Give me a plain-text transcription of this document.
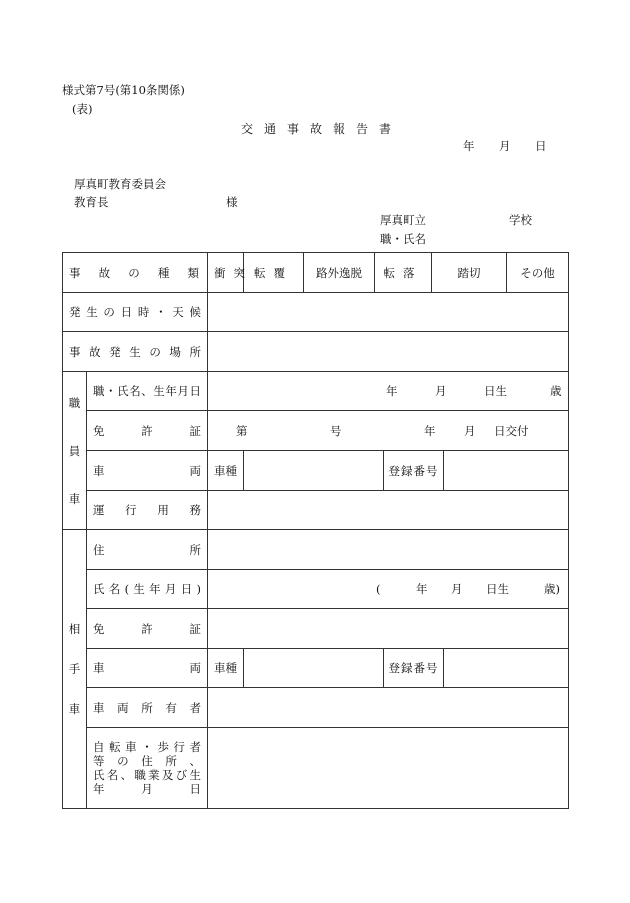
様式第7号(第10条関係)
(表)
交通事故報告書
年 月 日
厚真町教育委員会
教育長	様
厚真町立	学校
職・氏名
事故の種類		衝突	転覆	路外逸脱	転落		踏切		その他
発生の日時・天候									
事故発生の場所									

職
員
車	職・氏名、生年月日	年 月 日生 歳							

	免許証	第 号 年 月 日交付							

	車両	車種				登録番号			
	運行用務								

相
手
車	住所								
	氏名(生年月日)	( 年 月 日生 歳)							

	免許証								
	車両	車種				登録番号			
	車両所有者								

	自転車・歩行者
等の住所、
氏名、職業及び生
年月日								
